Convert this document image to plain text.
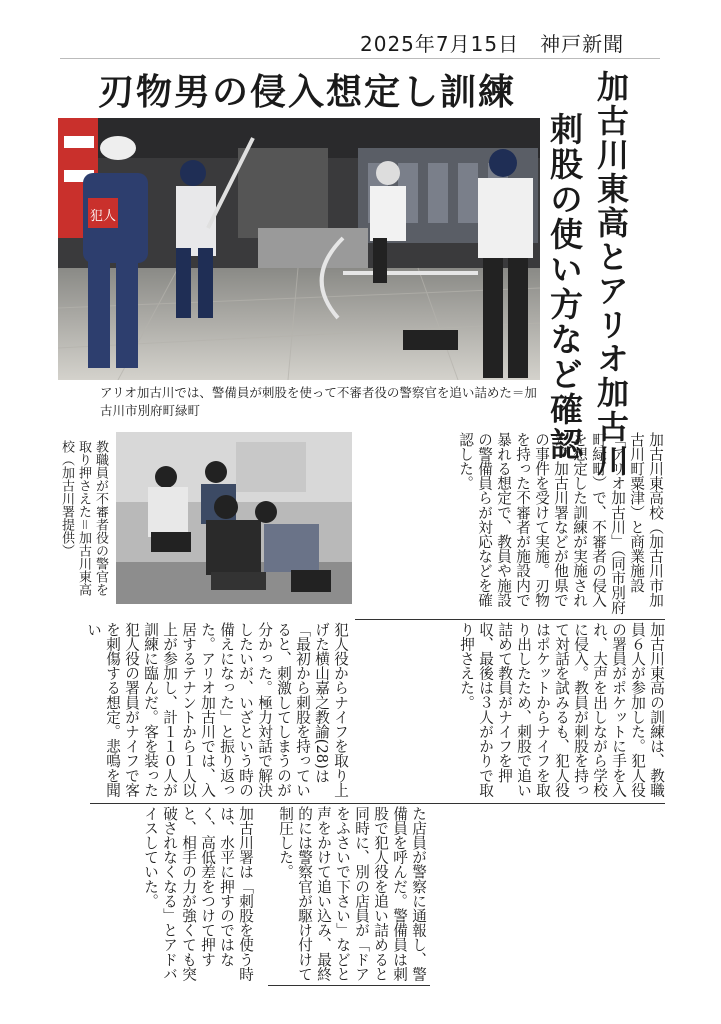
2025年7月15日　神戸新聞
刃物男の侵入想定し訓練	加古川東高とアリオ加古川
刺股の使い方など確認
犯人
アリオ加古川では、警備員が刺股を使って不審者役の警察官を追い詰めた＝加古川市別府町緑町
教職員が不審者役の警官を取り押さえた＝加古川東高校（加古川署提供）	加古川東高校（加古川市加古川町粟津）と商業施設「アリオ加古川」（同市別府町緑町）で、不審者の侵入を想定した訓練が実施された。加古川署などが他県での事件を受けて実施。刃物を持った不審者が施設内で暴れる想定で、教員や施設の警備員らが対応などを確認した。
加古川東高の訓練は、教職員６人が参加した。犯人役の署員がポケットに手を入れ、大声を出しながら学校に侵入。教員が刺股を持って対話を試みるも、犯人役はポケットからナイフを取り出したため、刺股で追い詰めて教員がナイフを押収、最後は３人がかりで取り押さえた。
犯人役からナイフを取り上げた横山嘉之教諭(28)は「最初から刺股を持っていると、刺激してしまうのが分かった。極力対話で解決したいが、いざという時の備えになった」と振り返った。アリオ加古川では、入居するテナントから１人以上が参加し、計１１０人が訓練に臨んだ。客を装った犯人役の署員がナイフで客を刺傷する想定。悲鳴を聞い
た店員が警察に通報し、警備員を呼んだ。警備員は刺股で犯人役を追い詰めると同時に、別の店員が「ドアをふさいで下さい」などと声をかけて追い込み、最終的には警察官が駆け付けて制圧した。
加古川署は「刺股を使う時は、水平に押すのではなく、高低差をつけて押すと、相手の力が強くても突破されなくなる」とアドバイスしていた。
